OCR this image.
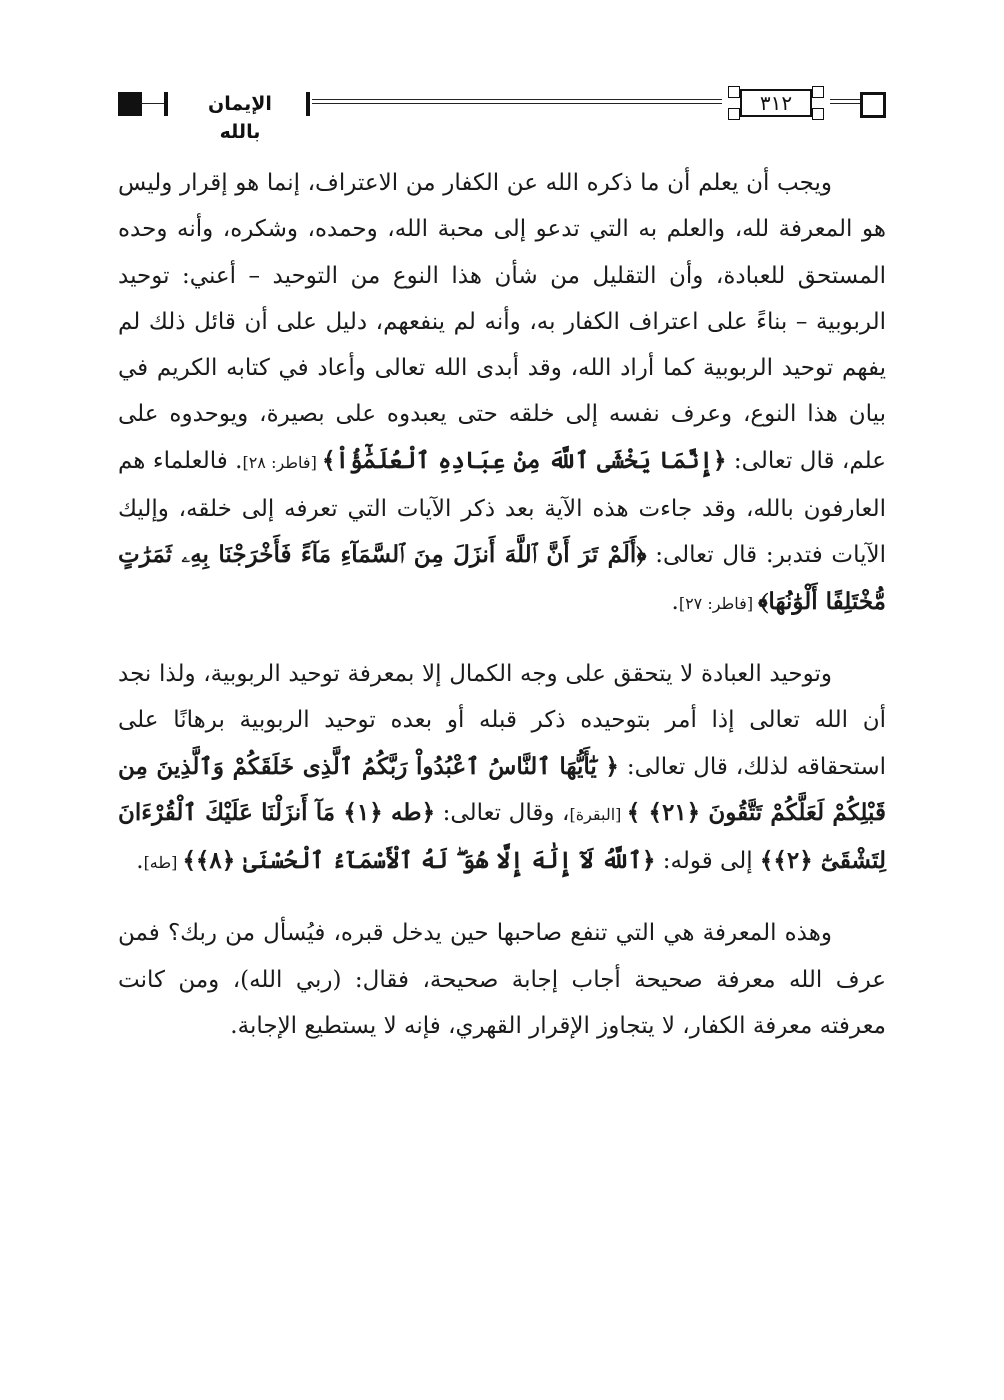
الإيمان بالله
٣١٢

ويجب أن يعلم أن ما ذكره الله عن الكفار من الاعتراف، إنما هو إقرار وليس هو المعرفة لله، والعلم به التي تدعو إلى محبة الله، وحمده، وشكره، وأنه وحده المستحق للعبادة، وأن التقليل من شأن هذا النوع من التوحيد – أعني: توحيد الربوبية – بناءً على اعتراف الكفار به، وأنه لم ينفعهم، دليل على أن قائل ذلك لم يفهم توحيد الربوبية كما أراد الله، وقد أبدى الله تعالى وأعاد في كتابه الكريم في بيان هذا النوع، وعرف نفسه إلى خلقه حتى يعبدوه على بصيرة، ويوحدوه على علم، قال تعالى: ﴿إِنَّمَا يَخْشَى ٱللَّهَ مِنْ عِبَادِهِ ٱلْعُلَمَٰٓؤُاْ﴾ [فاطر: ٢٨]. فالعلماء هم العارفون بالله، وقد جاءت هذه الآية بعد ذكر الآيات التي تعرفه إلى خلقه، وإليك الآيات فتدبر: قال تعالى: ﴿أَلَمْ تَرَ أَنَّ ٱللَّهَ أَنزَلَ مِنَ ٱلسَّمَآءِ مَآءً فَأَخْرَجْنَا بِهِۦ ثَمَرَٰتٍ مُّخْتَلِفًا أَلْوَٰنُهَا﴾ [فاطر: ٢٧].

وتوحيد العبادة لا يتحقق على وجه الكمال إلا بمعرفة توحيد الربوبية، ولذا نجد أن الله تعالى إذا أمر بتوحيده ذكر قبله أو بعده توحيد الربوبية برهانًا على استحقاقه لذلك، قال تعالى: ﴿ يَٰٓأَيُّهَا ٱلنَّاسُ ٱعْبُدُواْ رَبَّكُمُ ٱلَّذِى خَلَقَكُمْ وَٱلَّذِينَ مِن قَبْلِكُمْ لَعَلَّكُمْ تَتَّقُونَ ﴿٢١﴾ ﴾ [البقرة]، وقال تعالى: ﴿طه ﴿١﴾ مَآ أَنزَلْنَا عَلَيْكَ ٱلْقُرْءَانَ لِتَشْقَىٰٓ ﴿٢﴾﴾ إلى قوله: ﴿ٱللَّهُ لَآ إِلَٰهَ إِلَّا هُوَ ۖ لَهُ ٱلْأَسْمَآءُ ٱلْحُسْنَىٰ ﴿٨﴾﴾ [طه].

وهذه المعرفة هي التي تنفع صاحبها حين يدخل قبره، فيُسأل من ربك؟ فمن عرف الله معرفة صحيحة أجاب إجابة صحيحة، فقال: (ربي الله)، ومن كانت معرفته معرفة الكفار، لا يتجاوز الإقرار القهري، فإنه لا يستطيع الإجابة.
